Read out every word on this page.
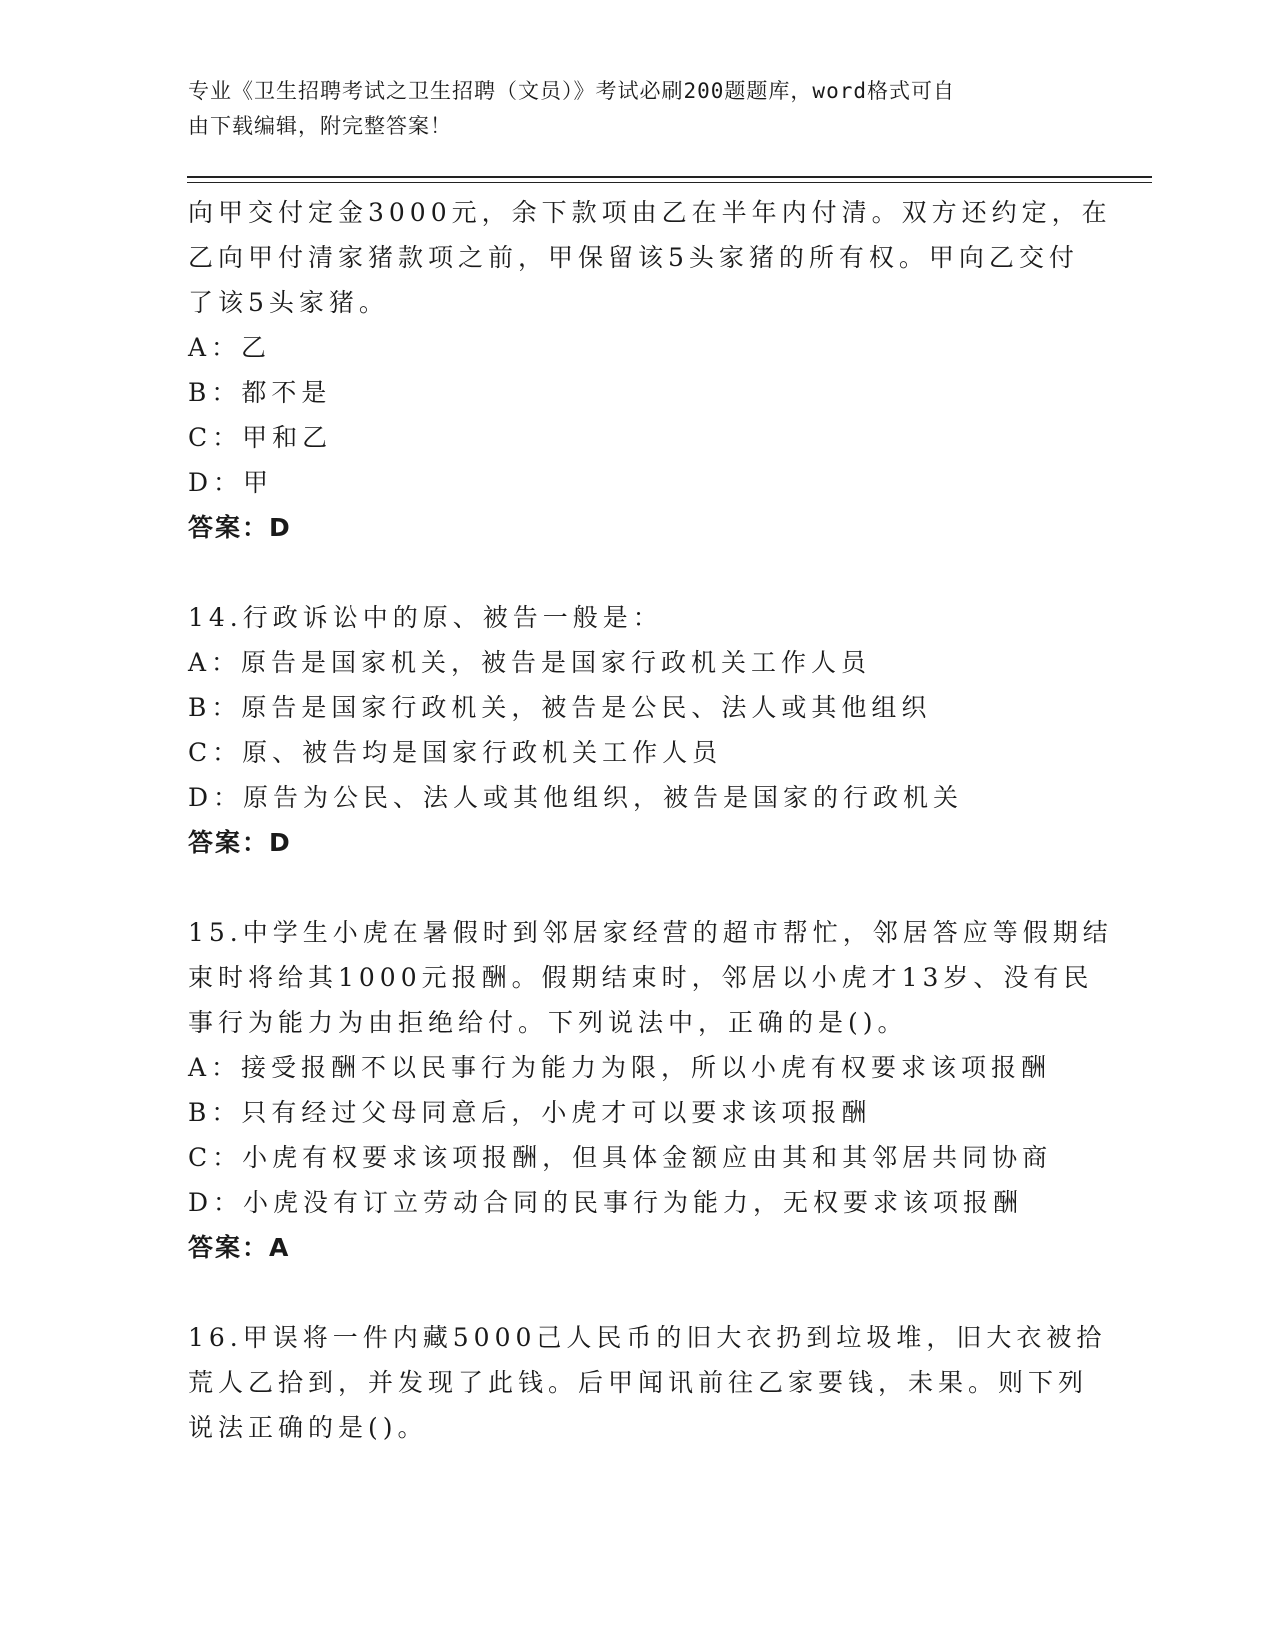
专业《卫生招聘考试之卫生招聘（文员）》考试必刷200题题库，word格式可自
由下载编辑，附完整答案！
向甲交付定金3000元，余下款项由乙在半年内付清。双方还约定，在
乙向甲付清家猪款项之前，甲保留该5头家猪的所有权。甲向乙交付
了该5头家猪。
A：乙
B：都不是
C：甲和乙
D：甲
答案：D
14.行政诉讼中的原、被告一般是：
A：原告是国家机关，被告是国家行政机关工作人员
B：原告是国家行政机关，被告是公民、法人或其他组织
C：原、被告均是国家行政机关工作人员
D：原告为公民、法人或其他组织，被告是国家的行政机关
答案：D
15.中学生小虎在暑假时到邻居家经营的超市帮忙，邻居答应等假期结
束时将给其1000元报酬。假期结束时，邻居以小虎才13岁、没有民
事行为能力为由拒绝给付。下列说法中，正确的是()。
A：接受报酬不以民事行为能力为限，所以小虎有权要求该项报酬
B：只有经过父母同意后，小虎才可以要求该项报酬
C：小虎有权要求该项报酬，但具体金额应由其和其邻居共同协商
D：小虎没有订立劳动合同的民事行为能力，无权要求该项报酬
答案：A
16.甲误将一件内藏5000己人民币的旧大衣扔到垃圾堆，旧大衣被拾
荒人乙拾到，并发现了此钱。后甲闻讯前往乙家要钱，未果。则下列
说法正确的是()。
